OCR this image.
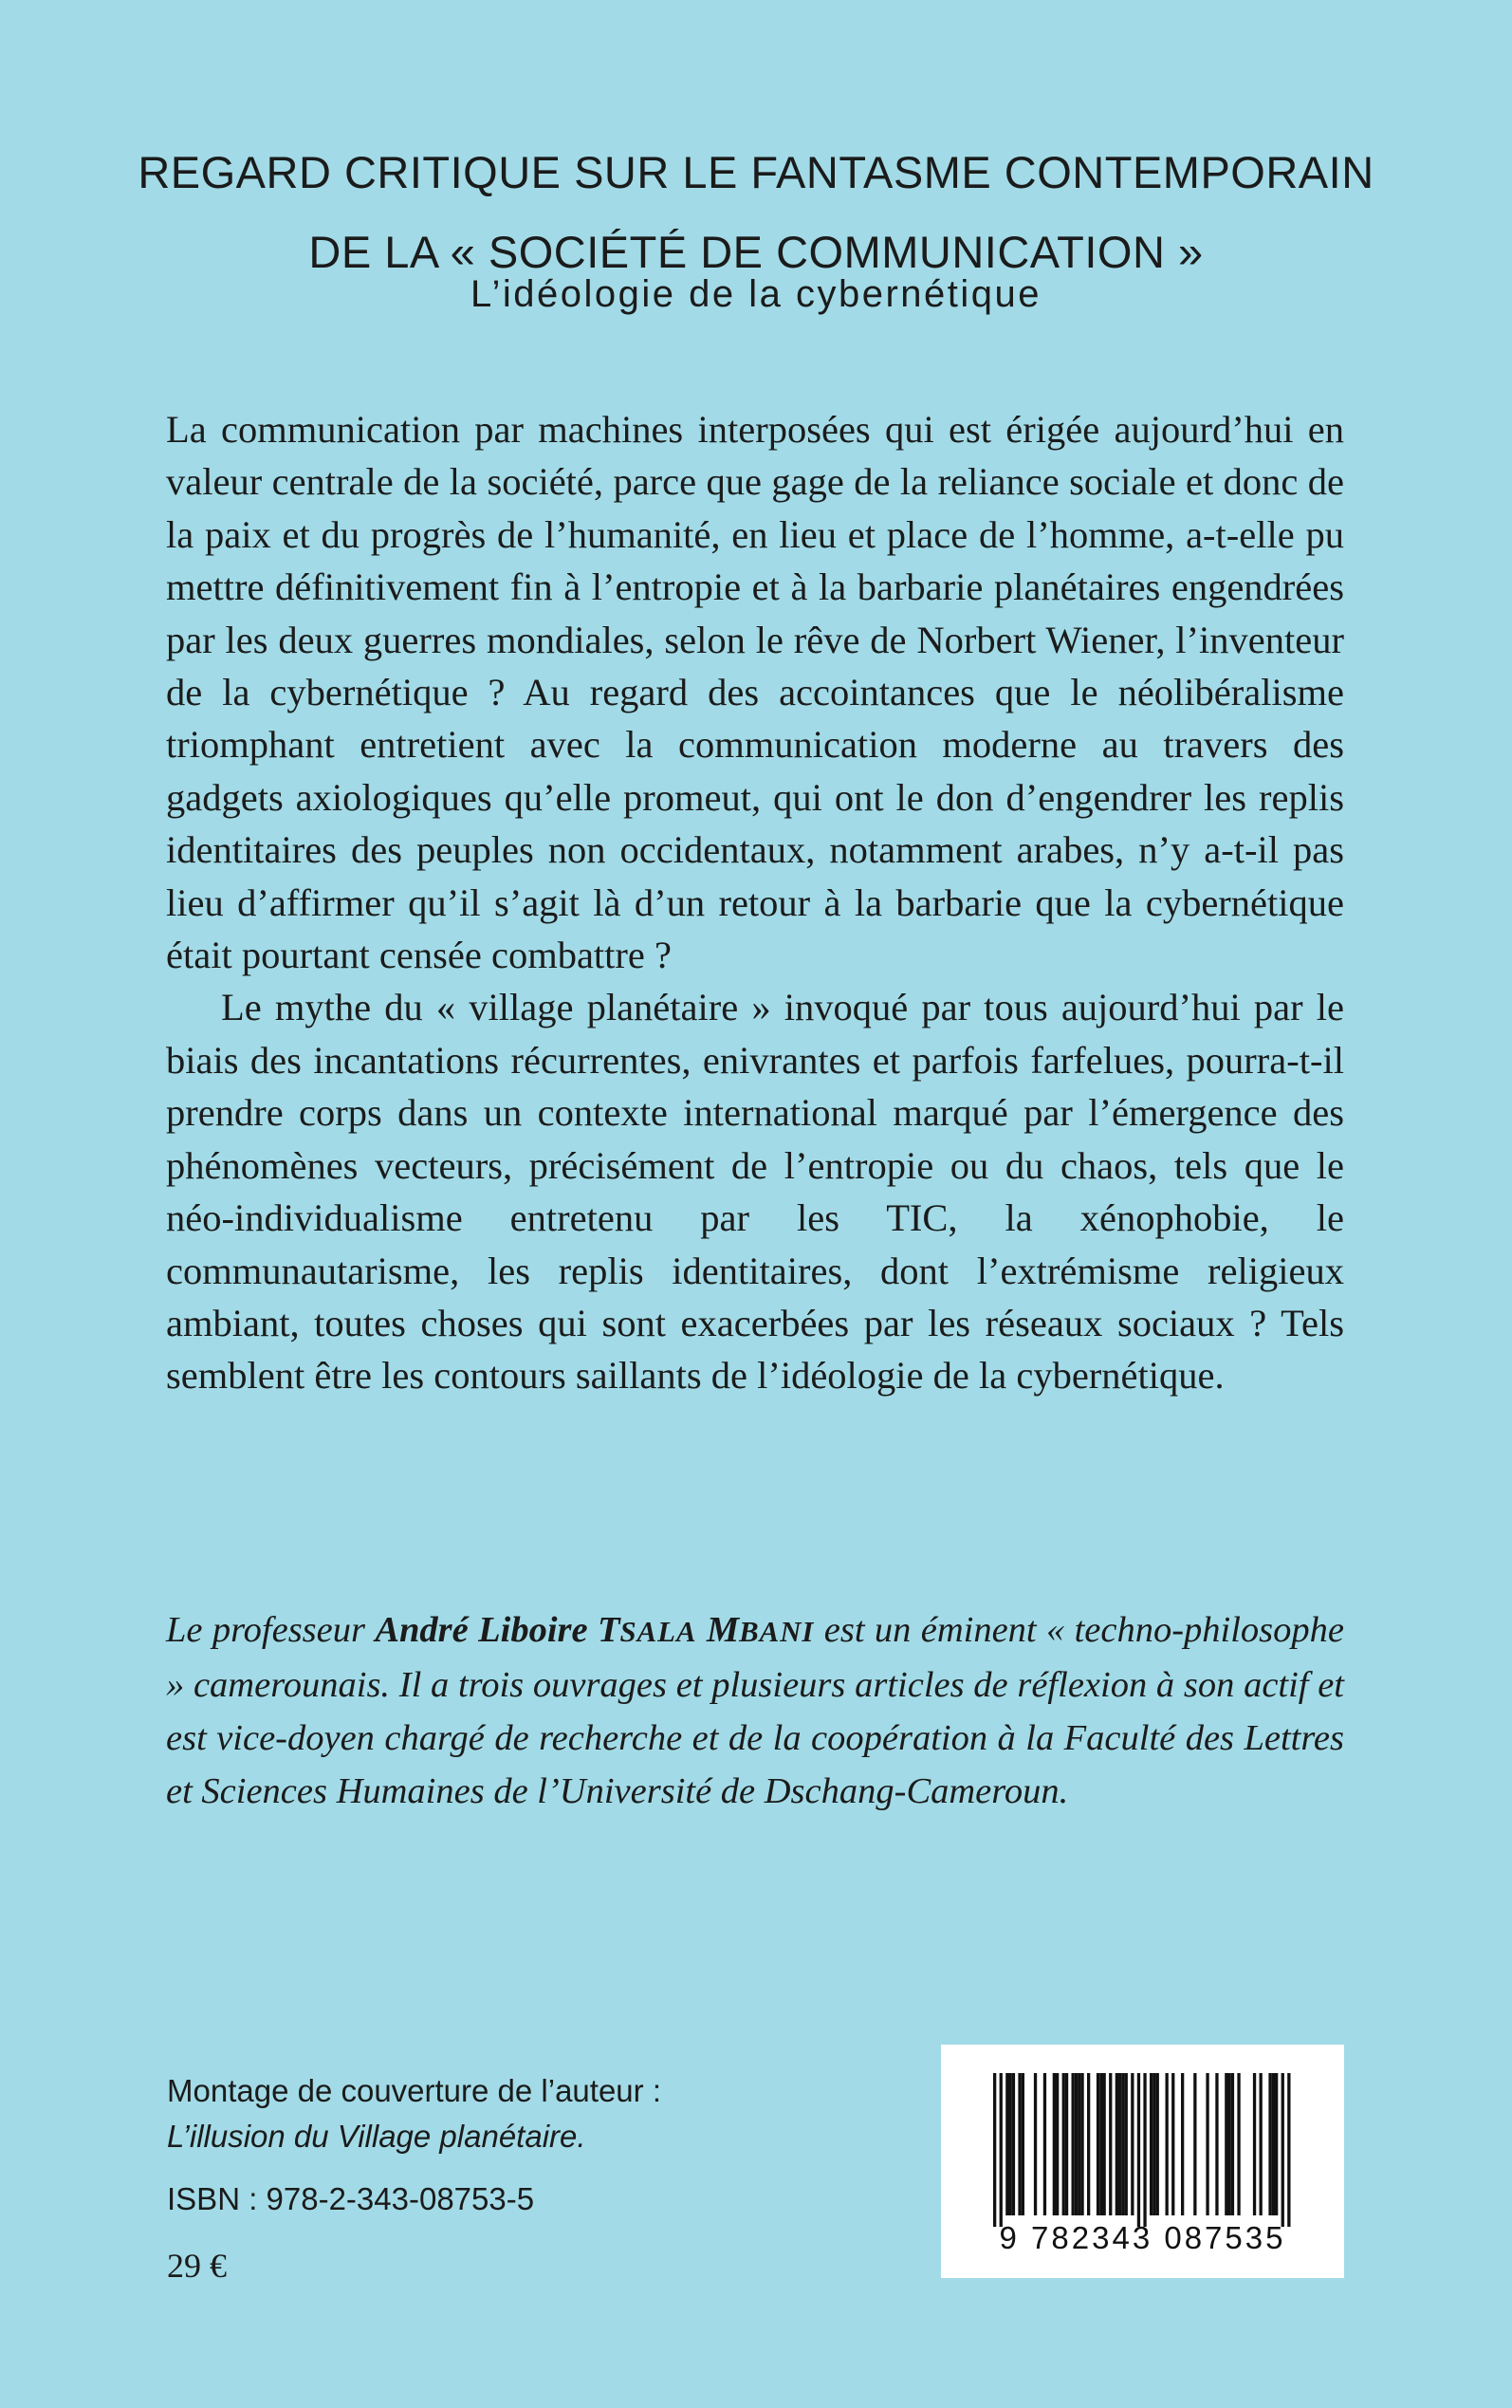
REGARD CRITIQUE SUR LE FANTASME CONTEMPORAIN
DE LA « SOCIÉTÉ DE COMMUNICATION »
L’idéologie de la cybernétique

La communication par machines interposées qui est érigée aujourd’hui en valeur centrale de la société, parce que gage de la reliance sociale et donc de la paix et du progrès de l’humanité, en lieu et place de l’homme, a-t-elle pu mettre définitivement fin à l’entropie et à la barbarie planétaires engendrées par les deux guerres mondiales, selon le rêve de Norbert Wiener, l’inventeur de la cybernétique ? Au regard des accointances que le néolibéralisme triomphant entretient avec la communication moderne au travers des gadgets axiologiques qu’elle promeut, qui ont le don d’engendrer les replis identitaires des peuples non occidentaux, notamment arabes, n’y a-t-il pas lieu d’affirmer qu’il s’agit là d’un retour à la barbarie que la cybernétique était pourtant censée combattre ?

Le mythe du « village planétaire » invoqué par tous aujourd’hui par le biais des incantations récurrentes, enivrantes et parfois farfelues, pourra-t-il prendre corps dans un contexte international marqué par l’émergence des phénomènes vecteurs, précisément de l’entropie ou du chaos, tels que le néo-individualisme entretenu par les TIC, la xénophobie, le communautarisme, les replis identitaires, dont l’extrémisme religieux ambiant, toutes choses qui sont exacerbées par les réseaux sociaux ? Tels semblent être les contours saillants de l’idéologie de la cybernétique.

Le professeur André Liboire TSALA MBANI est un éminent « techno-philosophe » camerounais. Il a trois ouvrages et plusieurs articles de réflexion à son actif et est vice-doyen chargé de recherche et de la coopération à la Faculté des Lettres et Sciences Humaines de l’Université de Dschang-Cameroun.
Montage de couverture de l’auteur :
L’illusion du Village planétaire.
ISBN : 978-2-343-08753-5
29 €
9 782343 087535
